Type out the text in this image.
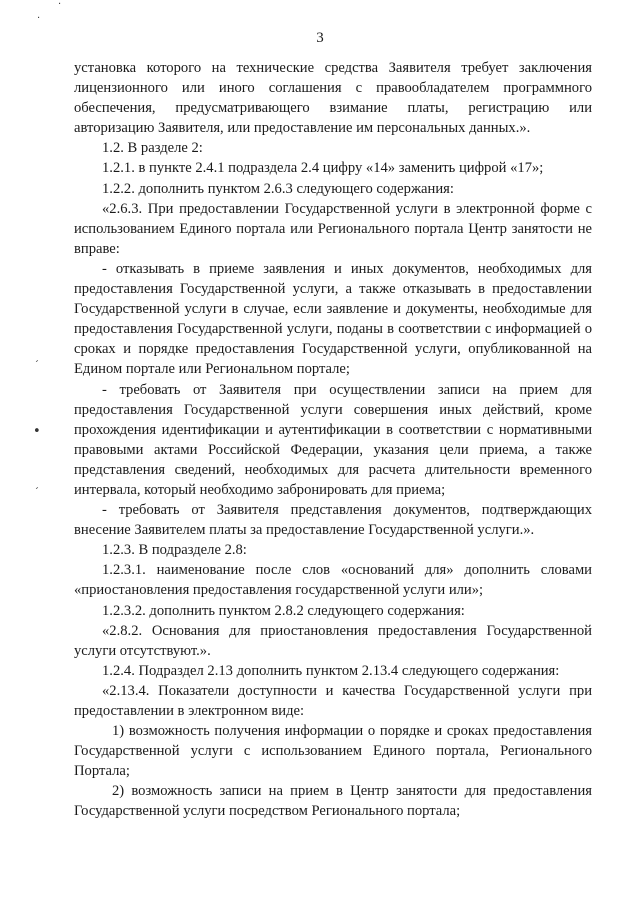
3
·
·
ˊ
•
ˊ

установка которого на технические средства Заявителя требует заключения лицензионного или иного соглашения с правообладателем программного обеспечения, предусматривающего взимание платы, регистрацию или авторизацию Заявителя, или предоставление им персональных данных.».

1.2. В разделе 2:

1.2.1. в пункте 2.4.1 подраздела 2.4 цифру «14» заменить цифрой «17»;

1.2.2. дополнить пунктом 2.6.3 следующего содержания:

«2.6.3. При предоставлении Государственной услуги в электронной форме с использованием Единого портала или Регионального портала Центр занятости не вправе:

- отказывать в приеме заявления и иных документов, необходимых для предоставления Государственной услуги, а также отказывать в предоставлении Государственной услуги в случае, если заявление и документы, необходимые для предоставления Государственной услуги, поданы в соответствии с информацией о сроках и порядке предоставления Государственной услуги, опубликованной на Едином портале или Региональном портале;

- требовать от Заявителя при осуществлении записи на прием для предоставления Государственной услуги совершения иных действий, кроме прохождения идентификации и аутентификации в соответствии с нормативными правовыми актами Российской Федерации, указания цели приема, а также представления сведений, необходимых для расчета длительности временного интервала, который необходимо забронировать для приема;

- требовать от Заявителя представления документов, подтверждающих внесение Заявителем платы за предоставление Государственной услуги.».

1.2.3. В подразделе 2.8:

1.2.3.1. наименование после слов «оснований для» дополнить словами «приостановления предоставления государственной услуги или»;

1.2.3.2. дополнить пунктом 2.8.2 следующего содержания:

«2.8.2. Основания для приостановления предоставления Государственной услуги отсутствуют.».

1.2.4. Подраздел 2.13 дополнить пунктом 2.13.4 следующего содержания:

«2.13.4. Показатели доступности и качества Государственной услуги при предоставлении в электронном виде:

1) возможность получения информации о порядке и сроках предоставления Государственной услуги с использованием Единого портала, Регионального Портала;

2) возможность записи на прием в Центр занятости для предоставления Государственной услуги посредством Регионального портала;
